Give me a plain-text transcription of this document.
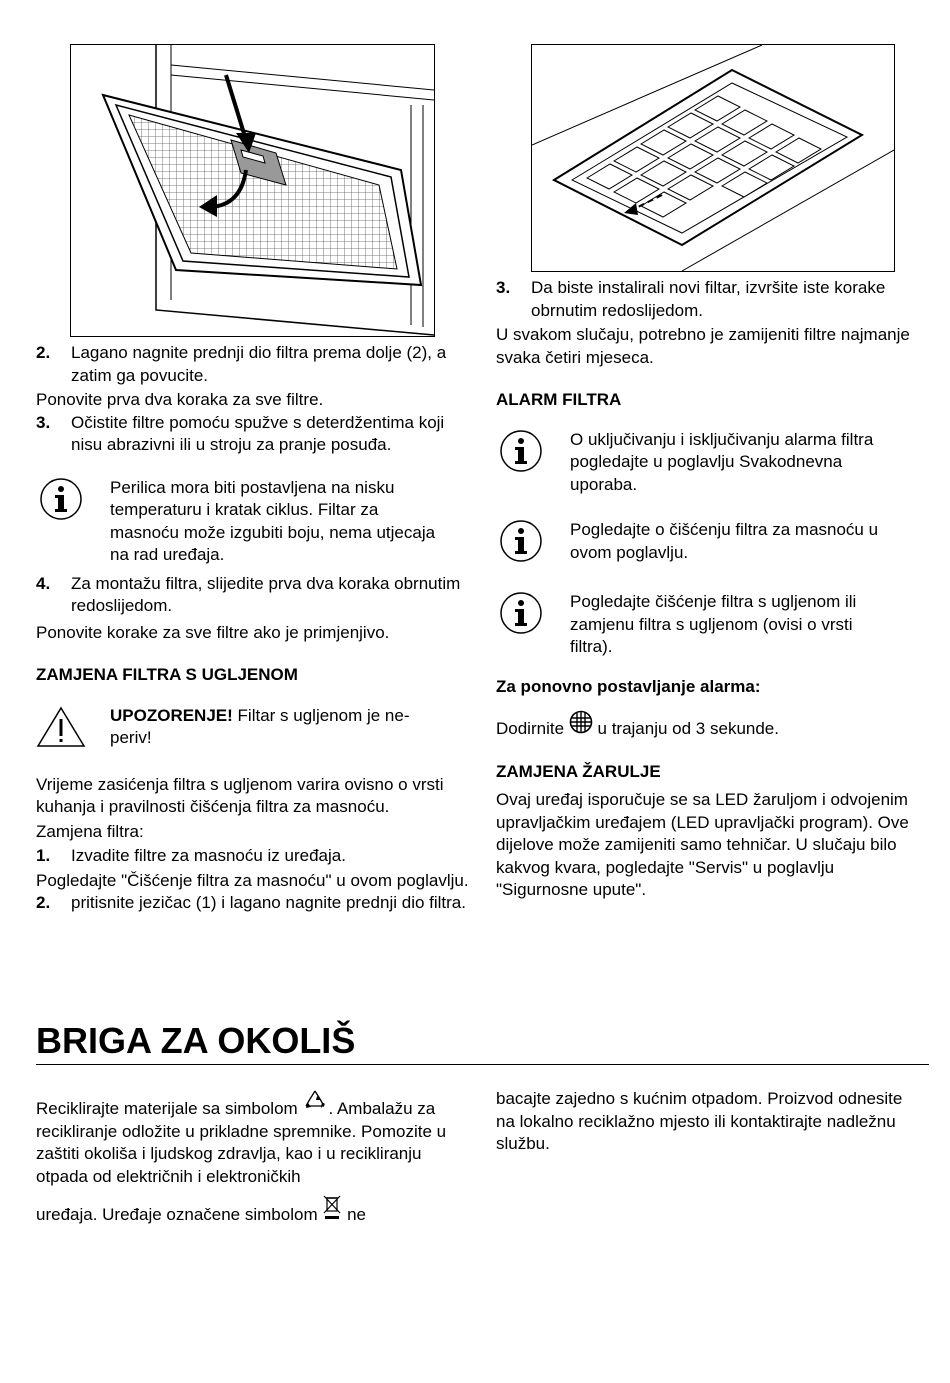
2. Lagano nagnite prednji dio filtra prema dolje (2), a zatim ga povucite.

Ponovite prva dva koraka za sve filtre.

3. Očistite filtre pomoću spužve s deterdžentima koji nisu abrazivni ili u stroju za pranje posuđa.
Perilica mora biti postavljena na nisku temperaturu i kratak ciklus. Filtar za masnoću može izgubiti boju, nema utjecaja na rad uređaja.
4. Za montažu filtra, slijedite prva dva koraka obrnutim redoslijedom.

Ponovite korake za sve filtre ako je primjenjivo.

ZAMJENA FILTRA S UGLJENOM
UPOZORENJE! Filtar s ugljenom je ne-periv!

Vrijeme zasićenja filtra s ugljenom varira ovisno o vrsti kuhanja i pravilnosti čišćenja filtra za masnoću.

Zamjena filtra:

1. Izvadite filtre za masnoću iz uređaja.

Pogledajte "Čišćenje filtra za masnoću" u ovom poglavlju.

2. pritisnite jezičac (1) i lagano nagnite prednji dio filtra.
3. Da biste instalirali novi filtar, izvršite iste korake obrnutim redoslijedom.

U svakom slučaju, potrebno je zamijeniti filtre najmanje svaka četiri mjeseca.

ALARM FILTRA
O uključivanju i isključivanju alarma filtra pogledajte u poglavlju Svakodnevna uporaba.
Pogledajte o čišćenju filtra za masnoću u ovom poglavlju.
Pogledajte čišćenje filtra s ugljenom ili zamjenu filtra s ugljenom (ovisi o vrsti filtra).
Za ponovno postavljanje alarma:

Dodirnite u trajanju od 3 sekunde.

ZAMJENA ŽARULJE

Ovaj uređaj isporučuje se sa LED žaruljom i odvojenim upravljačkim uređajem (LED upravljački program). Ove dijelove može zamijeniti samo tehničar. U slučaju bilo kakvog kvara, pogledajte "Servis" u poglavlju "Sigurnosne upute".

BRIGA ZA OKOLIŠ

Reciklirajte materijale sa simbolom . Ambalažu za recikliranje odložite u prikladne spremnike. Pomozite u zaštiti okoliša i ljudskog zdravlja, kao i u recikliranju otpada od električnih i elektroničkih

uređaja. Uređaje označene simbolom ne

bacajte zajedno s kućnim otpadom. Proizvod odnesite na lokalno reciklažno mjesto ili kontaktirajte nadležnu službu.
